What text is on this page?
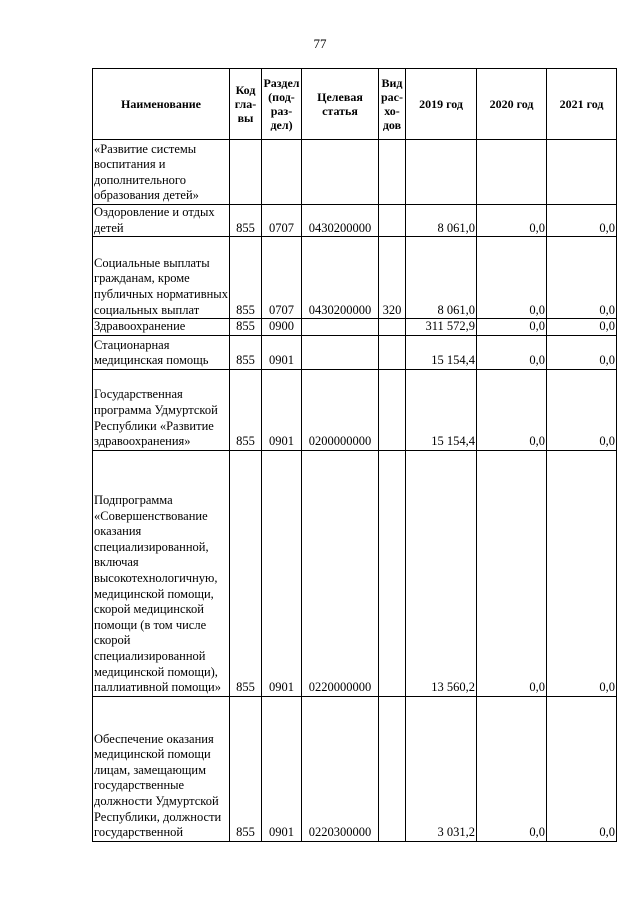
77
Наименование	Код гла-вы	Раздел (под-раз-дел)	Целевая статья	Вид рас-хо-дов	2019 год	2020 год	2021 год
«Развитие системы воспитания и дополнительного образования детей»							
Оздоровление и отдых детей	855	0707	0430200000		8 061,0	0,0	0,0
Социальные выплаты гражданам, кроме публичных нормативных социальных выплат	855	0707	0430200000	320	8 061,0	0,0	0,0
Здравоохранение	855	0900			311 572,9	0,0	0,0
Стационарная медицинская помощь	855	0901			15 154,4	0,0	0,0
Государственная программа Удмуртской Республики «Развитие здравоохранения»	855	0901	0200000000		15 154,4	0,0	0,0
Подпрограмма «Совершенствование оказания специализированной, включая высокотехнологичную, медицинской помощи, скорой медицинской помощи (в том числе скорой специализированной медицинской помощи), паллиативной помощи»	855	0901	0220000000		13 560,2	0,0	0,0
Обеспечение оказания медицинской помощи лицам, замещающим государственные должности Удмуртской Республики, должности государственной	855	0901	0220300000		3 031,2	0,0	0,0
